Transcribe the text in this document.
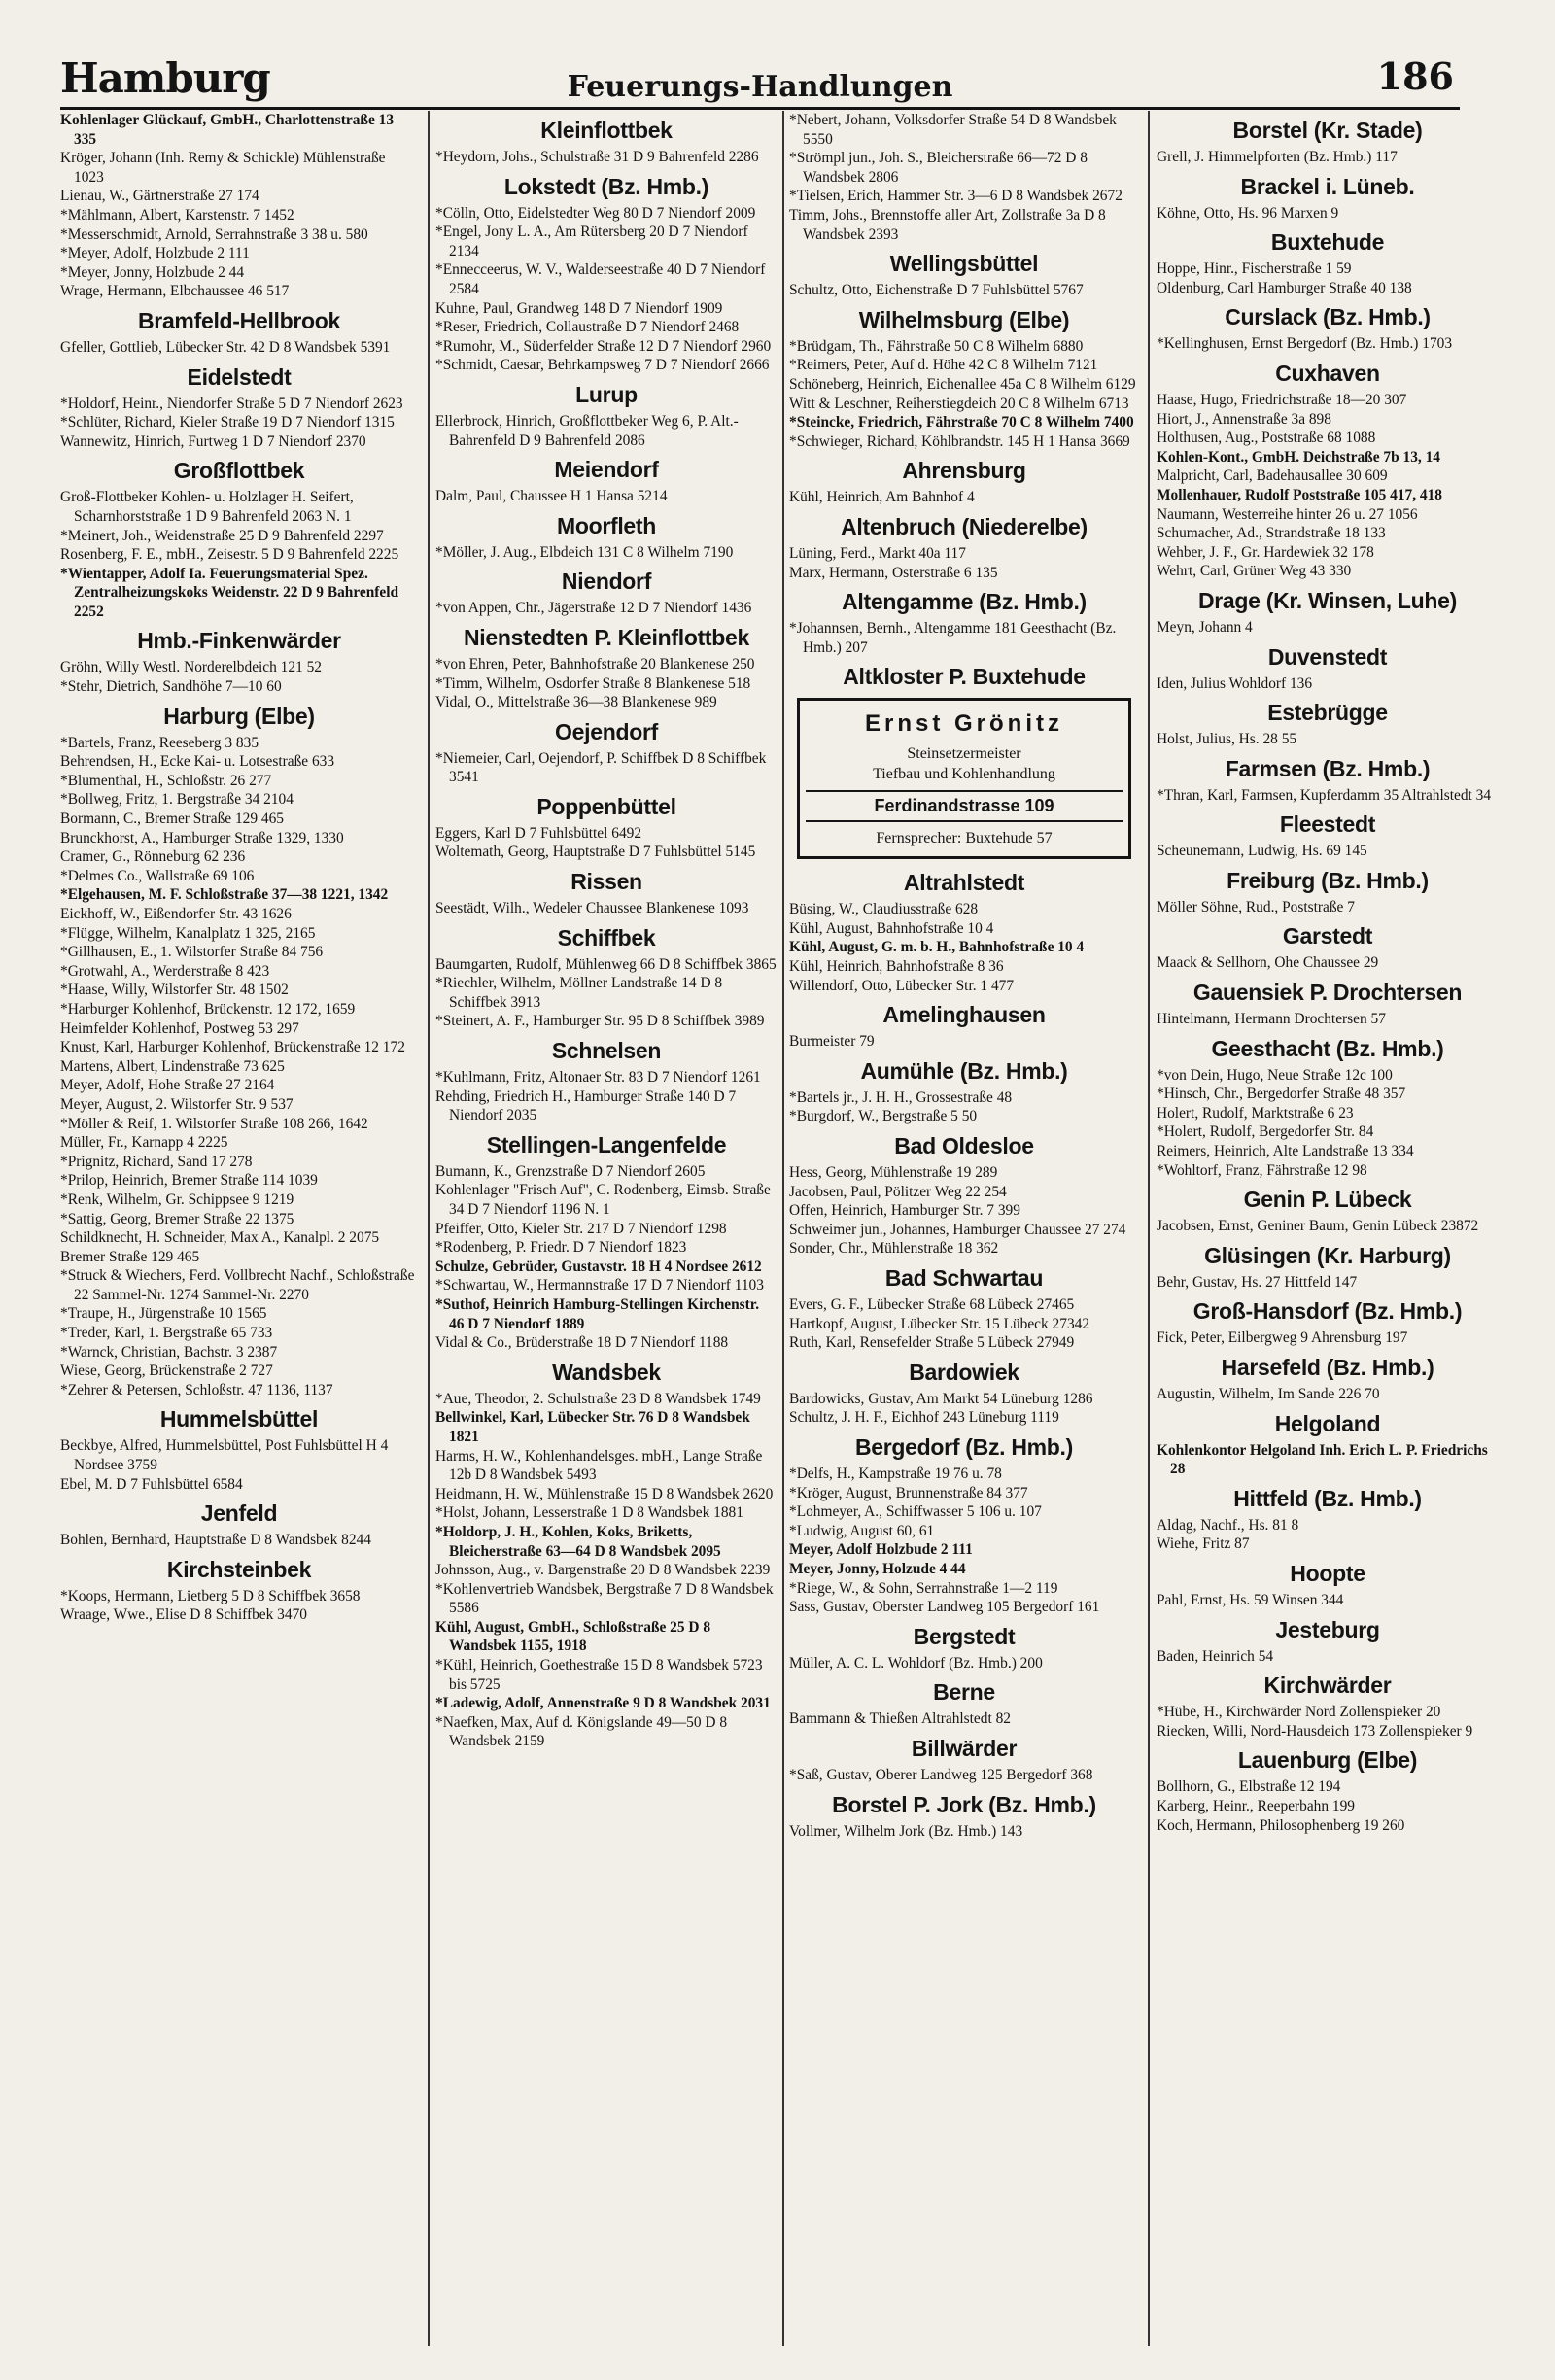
Hamburg	Feuerungs-Handlungen	186

Kohlenlager Glückauf, GmbH., Charlottenstraße 13 335

Kröger, Johann (Inh. Remy & Schickle) Mühlenstraße 1023

Lienau, W., Gärtnerstraße 27 174

*Mählmann, Albert, Karstenstr. 7 1452

*Messerschmidt, Arnold, Serrahnstraße 3 38 u. 580

*Meyer, Adolf, Holzbude 2 111

*Meyer, Jonny, Holzbude 2 44

Wrage, Hermann, Elbchaussee 46 517

Bramfeld-Hellbrook

Gfeller, Gottlieb, Lübecker Str. 42 D 8 Wandsbek 5391

Eidelstedt

*Holdorf, Heinr., Niendorfer Straße 5 D 7 Niendorf 2623

*Schlüter, Richard, Kieler Straße 19 D 7 Niendorf 1315

Wannewitz, Hinrich, Furtweg 1 D 7 Niendorf 2370

Großflottbek

Groß-Flottbeker Kohlen- u. Holzlager H. Seifert, Scharnhorststraße 1 D 9 Bahrenfeld 2063 N. 1

*Meinert, Joh., Weidenstraße 25 D 9 Bahrenfeld 2297

Rosenberg, F. E., mbH., Zeisestr. 5 D 9 Bahrenfeld 2225

*Wientapper, Adolf Ia. Feuerungsmaterial Spez. Zentralheizungskoks Weidenstr. 22 D 9 Bahrenfeld 2252

Hmb.-Finkenwärder

Gröhn, Willy Westl. Norderelbdeich 121 52

*Stehr, Dietrich, Sandhöhe 7—10 60

Harburg (Elbe)

*Bartels, Franz, Reeseberg 3 835

Behrendsen, H., Ecke Kai- u. Lotsestraße 633

*Blumenthal, H., Schloßstr. 26 277

*Bollweg, Fritz, 1. Bergstraße 34 2104

Bormann, C., Bremer Straße 129 465

Brunckhorst, A., Hamburger Straße 1329, 1330

Cramer, G., Rönneburg 62 236

*Delmes Co., Wallstraße 69 106

*Elgehausen, M. F. Schloßstraße 37—38 1221, 1342

Eickhoff, W., Eißendorfer Str. 43 1626

*Flügge, Wilhelm, Kanalplatz 1 325, 2165

*Gillhausen, E., 1. Wilstorfer Straße 84 756

*Grotwahl, A., Werderstraße 8 423

*Haase, Willy, Wilstorfer Str. 48 1502

*Harburger Kohlenhof, Brückenstr. 12 172, 1659

Heimfelder Kohlenhof, Postweg 53 297

Knust, Karl, Harburger Kohlenhof, Brückenstraße 12 172

Martens, Albert, Lindenstraße 73 625

Meyer, Adolf, Hohe Straße 27 2164

Meyer, August, 2. Wilstorfer Str. 9 537

*Möller & Reif, 1. Wilstorfer Straße 108 266, 1642

Müller, Fr., Karnapp 4 2225

*Prignitz, Richard, Sand 17 278

*Prilop, Heinrich, Bremer Straße 114 1039

*Renk, Wilhelm, Gr. Schippsee 9 1219

*Sattig, Georg, Bremer Straße 22 1375

Schildknecht, H. Schneider, Max A., Kanalpl. 2 2075

Bremer Straße 129 465

*Struck & Wiechers, Ferd. Vollbrecht Nachf., Schloßstraße 22 Sammel-Nr. 1274 Sammel-Nr. 2270

*Traupe, H., Jürgenstraße 10 1565

*Treder, Karl, 1. Bergstraße 65 733

*Warnck, Christian, Bachstr. 3 2387

Wiese, Georg, Brückenstraße 2 727

*Zehrer & Petersen, Schloßstr. 47 1136, 1137

Hummelsbüttel

Beckbye, Alfred, Hummelsbüttel, Post Fuhlsbüttel H 4 Nordsee 3759

Ebel, M. D 7 Fuhlsbüttel 6584

Jenfeld

Bohlen, Bernhard, Hauptstraße D 8 Wandsbek 8244

Kirchsteinbek

*Koops, Hermann, Lietberg 5 D 8 Schiffbek 3658

Wraage, Wwe., Elise D 8 Schiffbek 3470

Kleinflottbek

*Heydorn, Johs., Schulstraße 31 D 9 Bahrenfeld 2286

Lokstedt (Bz. Hmb.)

*Cölln, Otto, Eidelstedter Weg 80 D 7 Niendorf 2009

*Engel, Jony L. A., Am Rütersberg 20 D 7 Niendorf 2134

*Ennecceerus, W. V., Walderseestraße 40 D 7 Niendorf 2584

Kuhne, Paul, Grandweg 148 D 7 Niendorf 1909

*Reser, Friedrich, Collaustraße D 7 Niendorf 2468

*Rumohr, M., Süderfelder Straße 12 D 7 Niendorf 2960

*Schmidt, Caesar, Behrkampsweg 7 D 7 Niendorf 2666

Lurup

Ellerbrock, Hinrich, Großflottbeker Weg 6, P. Alt.-Bahrenfeld D 9 Bahrenfeld 2086

Meiendorf

Dalm, Paul, Chaussee H 1 Hansa 5214

Moorfleth

*Möller, J. Aug., Elbdeich 131 C 8 Wilhelm 7190

Niendorf

*von Appen, Chr., Jägerstraße 12 D 7 Niendorf 1436

Nienstedten P. Kleinflottbek

*von Ehren, Peter, Bahnhofstraße 20 Blankenese 250

*Timm, Wilhelm, Osdorfer Straße 8 Blankenese 518

Vidal, O., Mittelstraße 36—38 Blankenese 989

Oejendorf

*Niemeier, Carl, Oejendorf, P. Schiffbek D 8 Schiffbek 3541

Poppenbüttel

Eggers, Karl D 7 Fuhlsbüttel 6492

Woltemath, Georg, Hauptstraße D 7 Fuhlsbüttel 5145

Rissen

Seestädt, Wilh., Wedeler Chaussee Blankenese 1093

Schiffbek

Baumgarten, Rudolf, Mühlenweg 66 D 8 Schiffbek 3865

*Riechler, Wilhelm, Möllner Landstraße 14 D 8 Schiffbek 3913

*Steinert, A. F., Hamburger Str. 95 D 8 Schiffbek 3989

Schnelsen

*Kuhlmann, Fritz, Altonaer Str. 83 D 7 Niendorf 1261

Rehding, Friedrich H., Hamburger Straße 140 D 7 Niendorf 2035

Stellingen-Langenfelde

Bumann, K., Grenzstraße D 7 Niendorf 2605

Kohlenlager "Frisch Auf", C. Rodenberg, Eimsb. Straße 34 D 7 Niendorf 1196 N. 1

Pfeiffer, Otto, Kieler Str. 217 D 7 Niendorf 1298

*Rodenberg, P. Friedr. D 7 Niendorf 1823

Schulze, Gebrüder, Gustavstr. 18 H 4 Nordsee 2612

*Schwartau, W., Hermannstraße 17 D 7 Niendorf 1103

*Suthof, Heinrich Hamburg-Stellingen Kirchenstr. 46 D 7 Niendorf 1889

Vidal & Co., Brüderstraße 18 D 7 Niendorf 1188

Wandsbek

*Aue, Theodor, 2. Schulstraße 23 D 8 Wandsbek 1749

Bellwinkel, Karl, Lübecker Str. 76 D 8 Wandsbek 1821

Harms, H. W., Kohlenhandelsges. mbH., Lange Straße 12b D 8 Wandsbek 5493

Heidmann, H. W., Mühlenstraße 15 D 8 Wandsbek 2620

*Holst, Johann, Lesserstraße 1 D 8 Wandsbek 1881

*Holdorp, J. H., Kohlen, Koks, Briketts, Bleicherstraße 63—64 D 8 Wandsbek 2095

Johnsson, Aug., v. Bargenstraße 20 D 8 Wandsbek 2239

*Kohlenvertrieb Wandsbek, Bergstraße 7 D 8 Wandsbek 5586

Kühl, August, GmbH., Schloßstraße 25 D 8 Wandsbek 1155, 1918

*Kühl, Heinrich, Goethestraße 15 D 8 Wandsbek 5723 bis 5725

*Ladewig, Adolf, Annenstraße 9 D 8 Wandsbek 2031

*Naefken, Max, Auf d. Königslande 49—50 D 8 Wandsbek 2159

*Nebert, Johann, Volksdorfer Straße 54 D 8 Wandsbek 5550

*Strömpl jun., Joh. S., Bleicherstraße 66—72 D 8 Wandsbek 2806

*Tielsen, Erich, Hammer Str. 3—6 D 8 Wandsbek 2672

Timm, Johs., Brennstoffe aller Art, Zollstraße 3a D 8 Wandsbek 2393

Wellingsbüttel

Schultz, Otto, Eichenstraße D 7 Fuhlsbüttel 5767

Wilhelmsburg (Elbe)

*Brüdgam, Th., Fährstraße 50 C 8 Wilhelm 6880

*Reimers, Peter, Auf d. Höhe 42 C 8 Wilhelm 7121

Schöneberg, Heinrich, Eichenallee 45a C 8 Wilhelm 6129

Witt & Leschner, Reiherstiegdeich 20 C 8 Wilhelm 6713

*Steincke, Friedrich, Fährstraße 70 C 8 Wilhelm 7400

*Schwieger, Richard, Köhlbrandstr. 145 H 1 Hansa 3669

Ahrensburg

Kühl, Heinrich, Am Bahnhof 4

Altenbruch (Niederelbe)

Lüning, Ferd., Markt 40a 117

Marx, Hermann, Osterstraße 6 135

Altengamme (Bz. Hmb.)

*Johannsen, Bernh., Altengamme 181 Geesthacht (Bz. Hmb.) 207

Altkloster P. Buxtehude
Ernst Grönitz
Steinsetzermeister
Tiefbau und Kohlenhandlung
Ferdinandstrasse 109
Fernsprecher: Buxtehude 57
Altrahlstedt

Büsing, W., Claudiusstraße 628

Kühl, August, Bahnhofstraße 10 4

Kühl, August, G. m. b. H., Bahnhofstraße 10 4

Kühl, Heinrich, Bahnhofstraße 8 36

Willendorf, Otto, Lübecker Str. 1 477

Amelinghausen

Burmeister 79

Aumühle (Bz. Hmb.)

*Bartels jr., J. H. H., Grossestraße 48

*Burgdorf, W., Bergstraße 5 50

Bad Oldesloe

Hess, Georg, Mühlenstraße 19 289

Jacobsen, Paul, Pölitzer Weg 22 254

Offen, Heinrich, Hamburger Str. 7 399

Schweimer jun., Johannes, Hamburger Chaussee 27 274

Sonder, Chr., Mühlenstraße 18 362

Bad Schwartau

Evers, G. F., Lübecker Straße 68 Lübeck 27465

Hartkopf, August, Lübecker Str. 15 Lübeck 27342

Ruth, Karl, Rensefelder Straße 5 Lübeck 27949

Bardowiek

Bardowicks, Gustav, Am Markt 54 Lüneburg 1286

Schultz, J. H. F., Eichhof 243 Lüneburg 1119

Bergedorf (Bz. Hmb.)

*Delfs, H., Kampstraße 19 76 u. 78

*Kröger, August, Brunnenstraße 84 377

*Lohmeyer, A., Schiffwasser 5 106 u. 107

*Ludwig, August 60, 61

Meyer, Adolf Holzbude 2 111

Meyer, Jonny, Holzude 4 44

*Riege, W., & Sohn, Serrahnstraße 1—2 119

Sass, Gustav, Oberster Landweg 105 Bergedorf 161

Bergstedt

Müller, A. C. L. Wohldorf (Bz. Hmb.) 200

Berne

Bammann & Thießen Altrahlstedt 82

Billwärder

*Saß, Gustav, Oberer Landweg 125 Bergedorf 368

Borstel P. Jork (Bz. Hmb.)

Vollmer, Wilhelm Jork (Bz. Hmb.) 143

Borstel (Kr. Stade)

Grell, J. Himmelpforten (Bz. Hmb.) 117

Brackel i. Lüneb.

Köhne, Otto, Hs. 96 Marxen 9

Buxtehude

Hoppe, Hinr., Fischerstraße 1 59

Oldenburg, Carl Hamburger Straße 40 138

Curslack (Bz. Hmb.)

*Kellinghusen, Ernst Bergedorf (Bz. Hmb.) 1703

Cuxhaven

Haase, Hugo, Friedrichstraße 18—20 307

Hiort, J., Annenstraße 3a 898

Holthusen, Aug., Poststraße 68 1088

Kohlen-Kont., GmbH. Deichstraße 7b 13, 14

Malpricht, Carl, Badehausallee 30 609

Mollenhauer, Rudolf Poststraße 105 417, 418

Naumann, Westerreihe hinter 26 u. 27 1056

Schumacher, Ad., Strandstraße 18 133

Wehber, J. F., Gr. Hardewiek 32 178

Wehrt, Carl, Grüner Weg 43 330

Drage (Kr. Winsen, Luhe)

Meyn, Johann 4

Duvenstedt

Iden, Julius Wohldorf 136

Estebrügge

Holst, Julius, Hs. 28 55

Farmsen (Bz. Hmb.)

*Thran, Karl, Farmsen, Kupferdamm 35 Altrahlstedt 34

Fleestedt

Scheunemann, Ludwig, Hs. 69 145

Freiburg (Bz. Hmb.)

Möller Söhne, Rud., Poststraße 7

Garstedt

Maack & Sellhorn, Ohe Chaussee 29

Gauensiek P. Drochtersen

Hintelmann, Hermann Drochtersen 57

Geesthacht (Bz. Hmb.)

*von Dein, Hugo, Neue Straße 12c 100

*Hinsch, Chr., Bergedorfer Straße 48 357

Holert, Rudolf, Marktstraße 6 23

*Holert, Rudolf, Bergedorfer Str. 84

Reimers, Heinrich, Alte Landstraße 13 334

*Wohltorf, Franz, Fährstraße 12 98

Genin P. Lübeck

Jacobsen, Ernst, Geniner Baum, Genin Lübeck 23872

Glüsingen (Kr. Harburg)

Behr, Gustav, Hs. 27 Hittfeld 147

Groß-Hansdorf (Bz. Hmb.)

Fick, Peter, Eilbergweg 9 Ahrensburg 197

Harsefeld (Bz. Hmb.)

Augustin, Wilhelm, Im Sande 226 70

Helgoland

Kohlenkontor Helgoland Inh. Erich L. P. Friedrichs 28

Hittfeld (Bz. Hmb.)

Aldag, Nachf., Hs. 81 8

Wiehe, Fritz 87

Hoopte

Pahl, Ernst, Hs. 59 Winsen 344

Jesteburg

Baden, Heinrich 54

Kirchwärder

*Hübe, H., Kirchwärder Nord Zollenspieker 20

Riecken, Willi, Nord-Hausdeich 173 Zollenspieker 9

Lauenburg (Elbe)

Bollhorn, G., Elbstraße 12 194

Karberg, Heinr., Reeperbahn 199

Koch, Hermann, Philosophenberg 19 260
